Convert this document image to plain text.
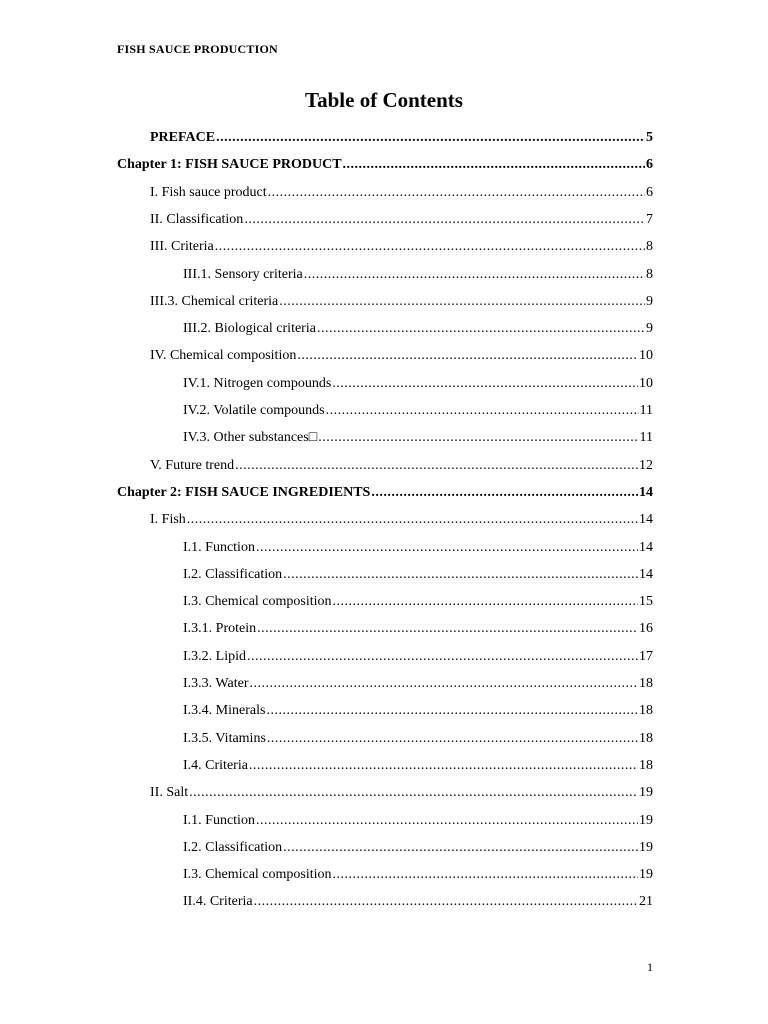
FISH SAUCE PRODUCTION
Table of Contents
PREFACE .....	5
Chapter 1: FISH SAUCE PRODUCT .....	6
I. Fish sauce product .....	6
II. Classification .....	7
III. Criteria .....	8
III.1. Sensory criteria .....	8
III.3. Chemical criteria .....	9
III.2. Biological criteria .....	9
IV. Chemical composition .....	10
IV.1. Nitrogen compounds .....	10
IV.2. Volatile compounds .....	11
IV.3. Other substances□ .....	11
V. Future trend .....	12
Chapter 2: FISH SAUCE INGREDIENTS .....	14
I. Fish .....	14
I.1. Function .....	14
I.2. Classification .....	14
I.3. Chemical composition .....	15
I.3.1. Protein .....	16
I.3.2. Lipid .....	17
I.3.3. Water .....	18
I.3.4. Minerals .....	18
I.3.5. Vitamins .....	18
I.4. Criteria .....	18
II. Salt .....	19
I.1. Function .....	19
I.2. Classification .....	19
I.3. Chemical composition .....	19
II.4. Criteria .....	21
1
